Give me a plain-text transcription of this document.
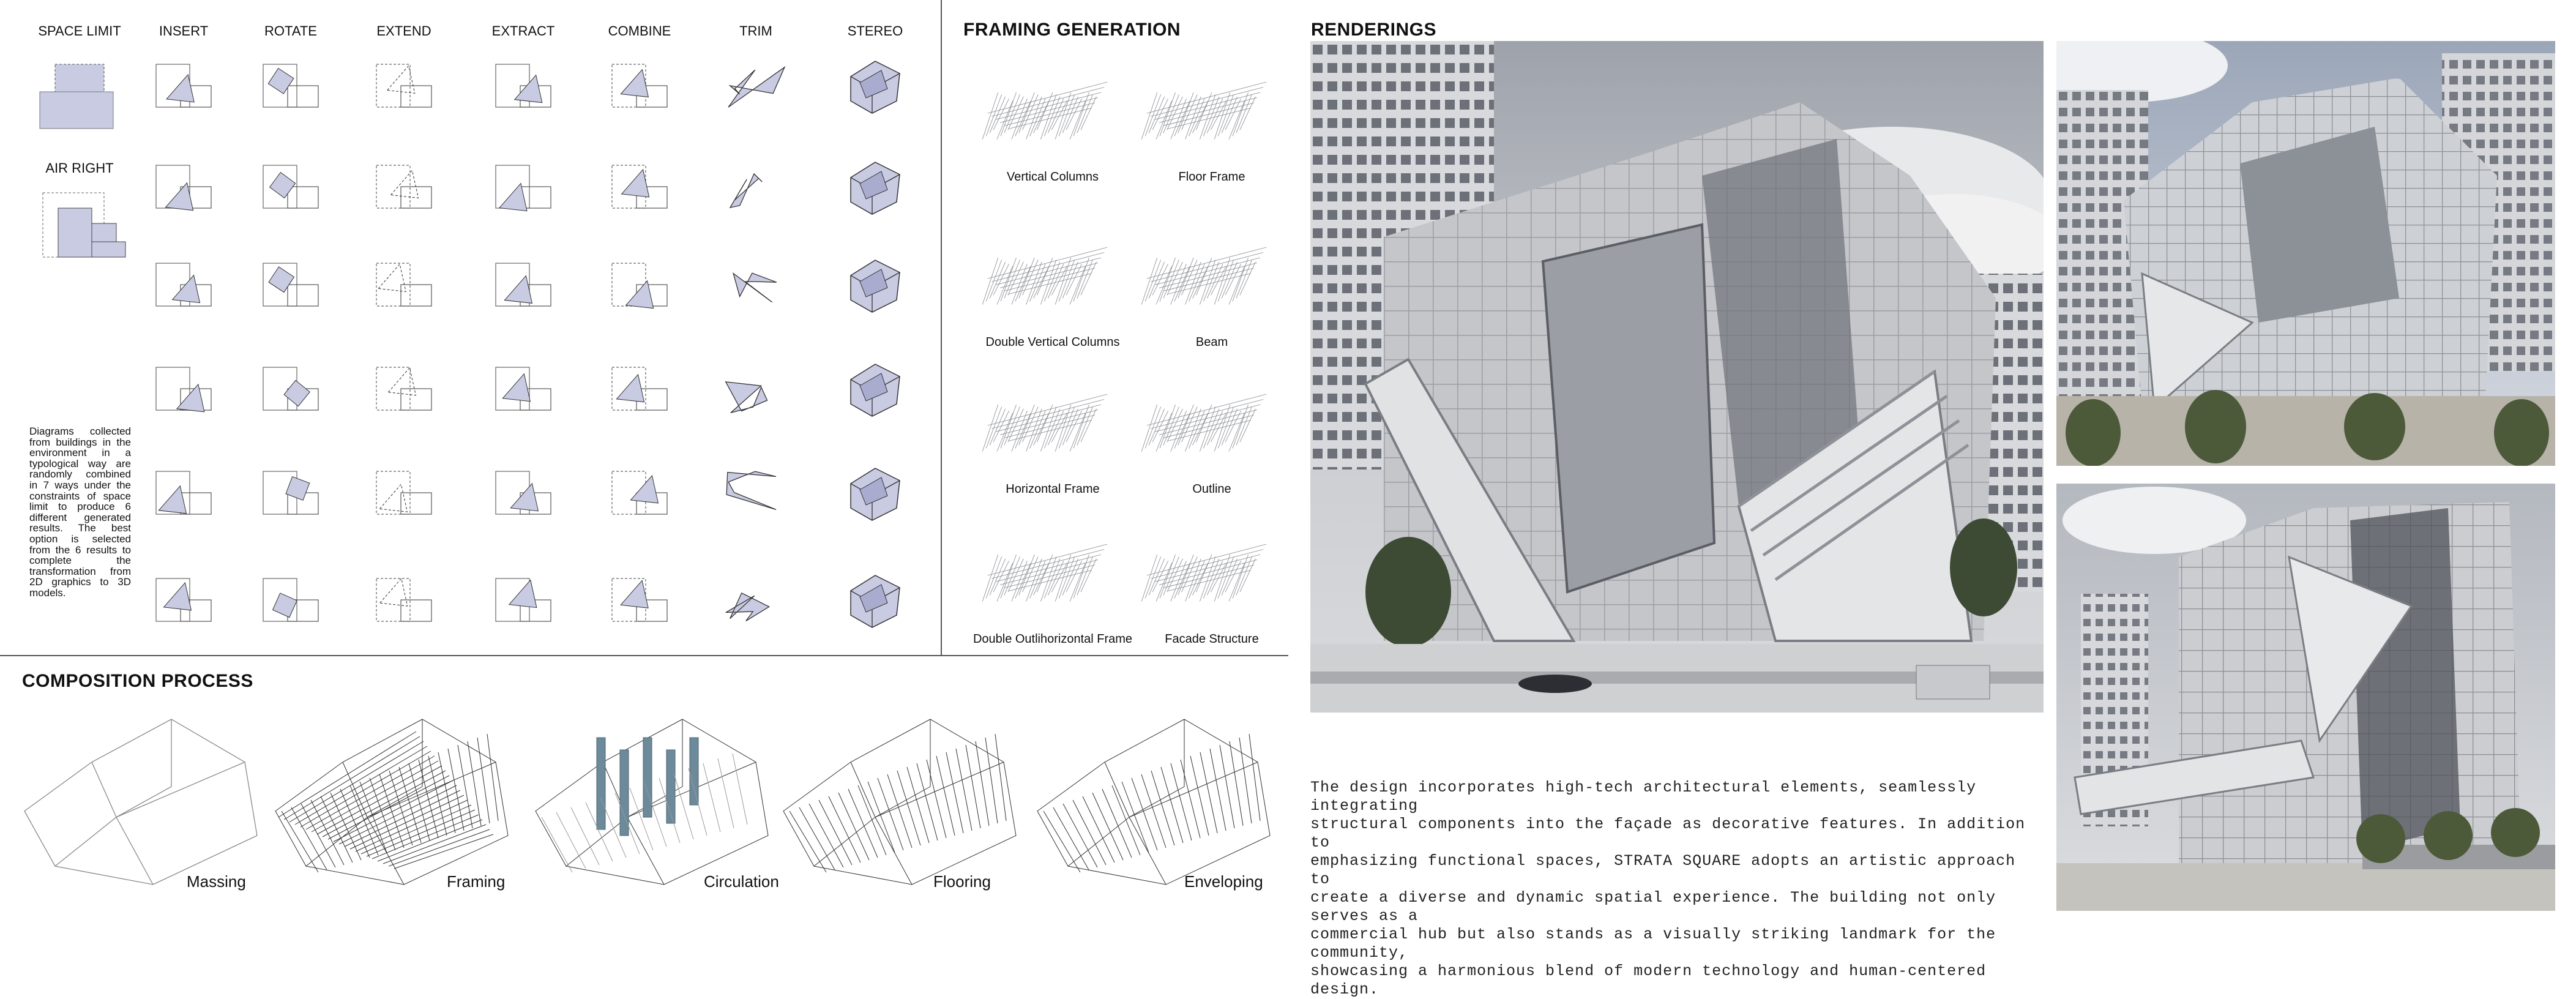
SPACE LIMIT	INSERT	ROTATE	EXTEND	EXTRACT	COMBINE	TRIM	STEREO
AIR RIGHT
Diagrams collected from buildings in the environment in a typological way are randomly combined in 7 ways under the constraints of space limit to produce 6 different generated results. The best option is selected from the 6 results to complete the transformation from 2D graphics to 3D models.
FRAMING GENERATION
Vertical Columns	Floor Frame
Double Vertical Columns	Beam
Horizontal Frame	Outline
Double Outlihorizontal Frame	Facade Structure
COMPOSITION PROCESS
Massing	Framing	Circulation	Flooring	Enveloping
RENDERINGS
The design incorporates high-tech architectural elements, seamlessly integrating
structural components into the façade as decorative features. In addition to
emphasizing functional spaces, STRATA SQUARE adopts an artistic approach to
create a diverse and dynamic spatial experience. The building not only serves as a
commercial hub but also stands as a visually striking landmark for the community,
showcasing a harmonious blend of modern technology and human-centered design.
